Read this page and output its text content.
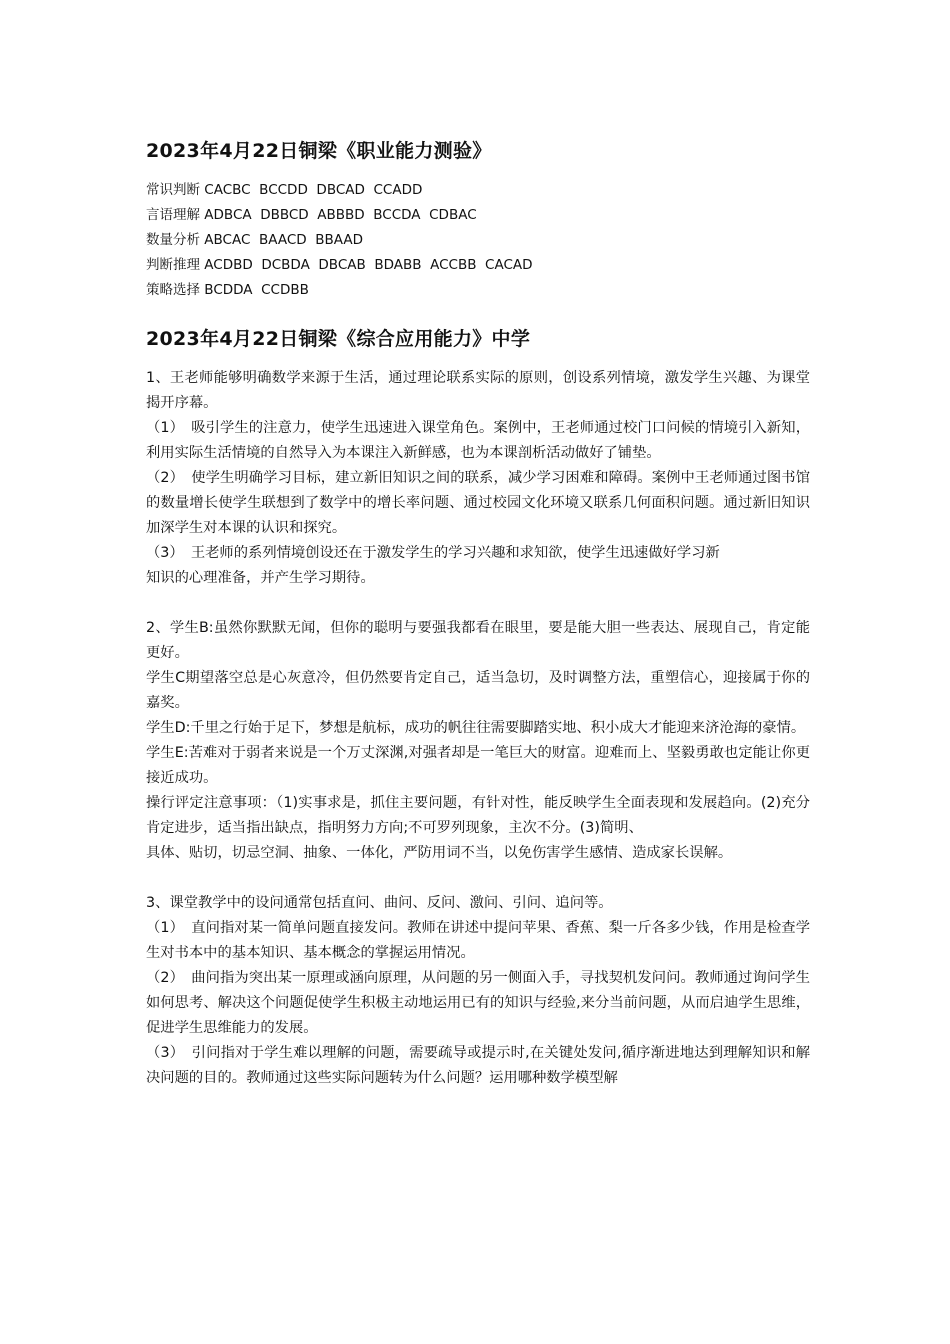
2023年4月22日铜梁《职业能力测验》
常识判断 CACBC  BCCDD  DBCAD  CCADD
言语理解 ADBCA  DBBCD  ABBBD  BCCDA  CDBAC
数量分析 ABCAC  BAACD  BBAAD
判断推理 ACDBD  DCBDA  DBCAB  BDABB  ACCBB  CACAD
策略选择 BCDDA  CCDBB
2023年4月22日铜梁《综合应用能力》中学

1、王老师能够明确数学来源于生活，通过理论联系实际的原则，创设系列情境，激发学生兴趣、为课堂揭开序幕。

（1）　吸引学生的注意力，使学生迅速进入课堂角色。案例中，王老师通过校门口问候的情境引入新知，利用实际生活情境的自然导入为本课注入新鲜感，也为本课剖析活动做好了铺垫。

（2）　使学生明确学习目标，建立新旧知识之间的联系，减少学习困难和障碍。案例中王老师通过图书馆的数量增长使学生联想到了数学中的增长率问题、通过校园文化环境又联系几何面积问题。通过新旧知识加深学生对本课的认识和探究。

（3）　王老师的系列情境创设还在于激发学生的学习兴趣和求知欲，使学生迅速做好学习新

知识的心理准备，并产生学习期待。

2、学生B:虽然你默默无闻，但你的聪明与要强我都看在眼里，要是能大胆一些表达、展现自己，肯定能更好。

学生C期望落空总是心灰意冷，但仍然要肯定自己，适当急切，及时调整方法，重塑信心，迎接属于你的嘉奖。

学生D:千里之行始于足下，梦想是航标，成功的帆往往需要脚踏实地、积小成大才能迎来济沧海的豪情。

学生E:苦难对于弱者来说是一个万丈深渊,对强者却是一笔巨大的财富。迎难而上、坚毅勇敢也定能让你更接近成功。

操行评定注意事项：（1)实事求是，抓住主要问题，有针对性，能反映学生全面表现和发展趋向。(2)充分肯定进步，适当指出缺点，指明努力方向;不可罗列现象，主次不分。(3)简明、

具体、贴切，切忌空洞、抽象、一体化，严防用词不当，以免伤害学生感情、造成家长误解。

3、课堂教学中的设问通常包括直问、曲问、反问、激问、引问、追问等。

（1）　直问指对某一简单问题直接发问。教师在讲述中提问苹果、香蕉、梨一斤各多少钱，作用是检查学生对书本中的基本知识、基本概念的掌握运用情况。

（2）　曲问指为突出某一原理或涵向原理，从问题的另一侧面入手，寻找契机发问问。教师通过询问学生如何思考、解决这个问题促使学生积极主动地运用已有的知识与经验,来分当前问题，从而启迪学生思维，促进学生思维能力的发展。

（3）　引问指对于学生难以理解的问题，需要疏导或提示时,在关键处发问,循序渐进地达到理解知识和解决问题的目的。教师通过这些实际问题转为什么问题？运用哪种数学模型解
